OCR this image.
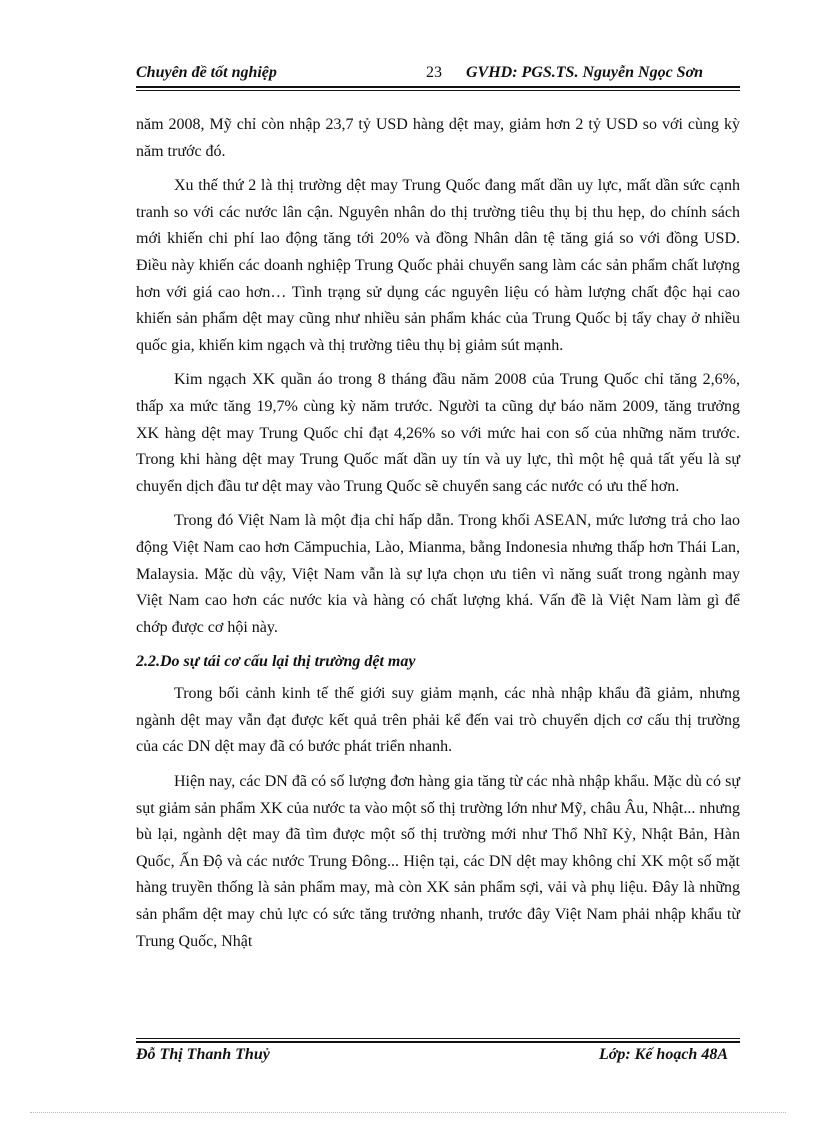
Chuyên đề tốt nghiệp	23 GVHD: PGS.TS. Nguyễn Ngọc Sơn

năm 2008, Mỹ chỉ còn nhập 23,7 tỷ USD hàng dệt may, giảm hơn 2 tỷ USD so với cùng kỳ năm trước đó.

Xu thế thứ 2 là thị trường dệt may Trung Quốc đang mất dần uy lực, mất dần sức cạnh tranh so với các nước lân cận. Nguyên nhân do thị trường tiêu thụ bị thu hẹp, do chính sách mới khiến chi phí lao động tăng tới 20% và đồng Nhân dân tệ tăng giá so với đồng USD. Điều này khiến các doanh nghiệp Trung Quốc phải chuyển sang làm các sản phẩm chất lượng hơn với giá cao hơn… Tình trạng sử dụng các nguyên liệu có hàm lượng chất độc hại cao khiến sản phẩm dệt may cũng như nhiều sản phẩm khác của Trung Quốc bị tẩy chay ở nhiều quốc gia, khiến kim ngạch và thị trường tiêu thụ bị giảm sút mạnh.

Kim ngạch XK quần áo trong 8 tháng đầu năm 2008 của Trung Quốc chỉ tăng 2,6%, thấp xa mức tăng 19,7% cùng kỳ năm trước. Người ta cũng dự báo năm 2009, tăng trưởng XK hàng dệt may Trung Quốc chỉ đạt 4,26% so với mức hai con số của những năm trước. Trong khi hàng dệt may Trung Quốc mất dần uy tín và uy lực, thì một hệ quả tất yếu là sự chuyển dịch đầu tư dệt may vào Trung Quốc sẽ chuyển sang các nước có ưu thế hơn.

Trong đó Việt Nam là một địa chỉ hấp dẫn. Trong khối ASEAN, mức lương trả cho lao động Việt Nam cao hơn Cămpuchia, Lào, Mianma, bằng Indonesia nhưng thấp hơn Thái Lan, Malaysia. Mặc dù vậy, Việt Nam vẫn là sự lựa chọn ưu tiên vì năng suất trong ngành may Việt Nam cao hơn các nước kia và hàng có chất lượng khá. Vấn đề là Việt Nam làm gì để chớp được cơ hội này.

2.2.Do sự tái cơ cấu lại thị trường dệt may

Trong bối cảnh kinh tế thế giới suy giảm mạnh, các nhà nhập khẩu đã giảm, nhưng ngành dệt may vẫn đạt được kết quả trên phải kể đến vai trò chuyển dịch cơ cấu thị trường của các DN dệt may đã có bước phát triển nhanh.

Hiện nay, các DN đã có số lượng đơn hàng gia tăng từ các nhà nhập khẩu. Mặc dù có sự sụt giảm sản phẩm XK của nước ta vào một số thị trường lớn như Mỹ, châu Âu, Nhật... nhưng bù lại, ngành dệt may đã tìm được một số thị trường mới như Thổ Nhĩ Kỳ, Nhật Bản, Hàn Quốc, Ấn Độ và các nước Trung Đông... Hiện tại, các DN dệt may không chỉ XK một số mặt hàng truyền thống là sản phẩm may, mà còn XK sản phẩm sợi, vải và phụ liệu. Đây là những sản phẩm dệt may chủ lực có sức tăng trưởng nhanh, trước đây Việt Nam phải nhập khẩu từ Trung Quốc, Nhật

Đỗ Thị Thanh Thuỷ	Lớp: Kế hoạch 48A
